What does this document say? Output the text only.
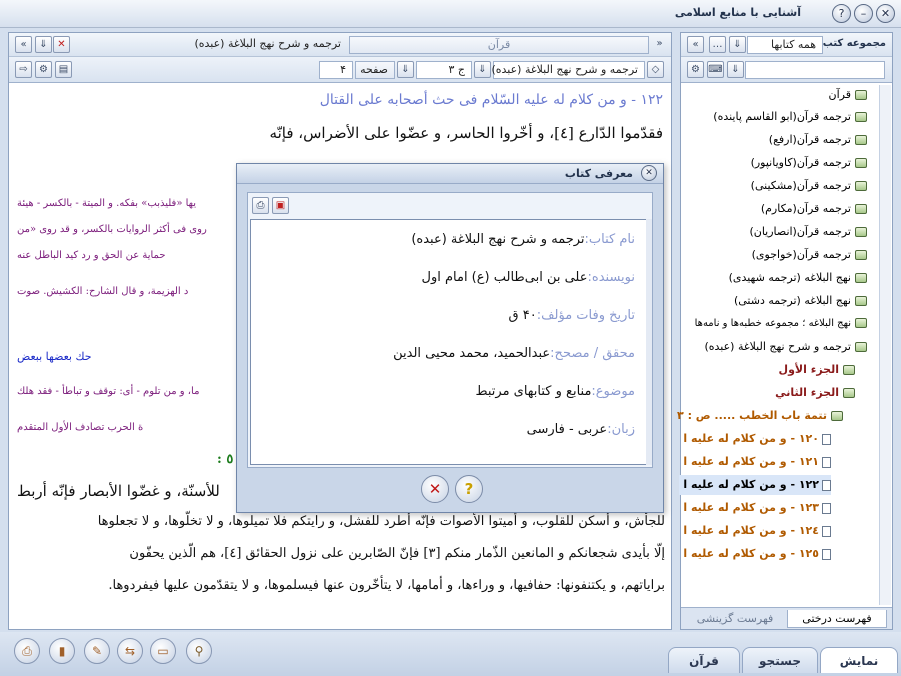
✕
–
?
آشنایی با منابع اسلامی
«	⇓ ✕	ترجمه و شرح نهج البلاغة (عبده)	قرآن	»
⇨	⚙	▤	۴	صفحه	⇓	ج ۳	⇓ ترجمه و شرح نهج البلاغة (عبده)	◇
۱۲۲ - و من كلام له عليه السّلام فى حث أصحابه على القتال
فقدّموا الدّارع [٤]، و أخّروا الحاسر، و عضّوا على الأضراس، فإنّه
يها «فليذبب» بفكه. و الميتة - بالكسر - هيئة
روى فى أكثر الروايات بالكسر، و قد روى «من
حماية عن الحق و رد كيد الباطل عنه
د الهزيمة، و قال الشارح: الكشيش. صوت
حك بعضها ببعض
ما، و من تلوم - أى: توقف و تباطأ - فقد هلك
ة الحرب تصادف الأول المتقدم
٥ :
للأسنّة، و غضّوا الأبصار فإنّه أربط
للجأش، و أسكن للقلوب، و أميتوا الأصوات فإنّه أطرد للفشل، و رايتكم فلا تميلوها، و لا تخلّوها، و لا تجعلوها
إلّا بأيدى شجعانكم و المانعين الذّمار منكم [٣] فإنّ الصّابرين على نزول الحقائق [٤]، هم الّذين يحفّون
براياتهم، و يكتنفونها: حفافيها، و وراءها، و أمامها، لا يتأخّرون عنها فيسلموها، و لا يتقدّمون عليها فيفردوها.
✕
معرفی کتاب
⎙	▣
نام کتاب:ترجمه و شرح نهج البلاغة (عبده)
نویسنده:على بن ابى‌طالب (ع) امام اول
تاریخ وفات مؤلف:۴۰ ق
محقق / مصحح:عبدالحمید، محمد محیی الدین
موضوع:منابع و کتابهای مرتبط
زبان:عربی - فارسی
✕	?
«	…	⇓	همه کتابها مجموعه کتب
⚙ ⌨ ⇓
قرآن
ترجمه قرآن(ابو القاسم پاینده)
ترجمه قرآن(ارفع)
ترجمه قرآن(کاویانپور)
ترجمه قرآن(مشکینی)
ترجمه قرآن(مکارم)
ترجمه قرآن(انصاریان)
ترجمه قرآن(خواجوی)
نهج البلاغه (ترجمه شهیدی)
نهج البلاغه (ترجمه دشتی)
نهج البلاغه ؛ مجموعه خطبه‌ها و نامه‌ها
ترجمه و شرح نهج البلاغة (عبده)
الجزء الأول
الجزء الثاني
تتمة باب الخطب ..... ص : ٣
١٢٠ - و من كلام له عليه ا
١٢١ - و من كلام له عليه ا
١٢٢ - و من كلام له عليه ا
١٢٣ - و من كلام له عليه ا
١٢٤ - و من كلام له عليه ا
١٢٥ - و من كلام له عليه ا
فهرست درختی
فهرست گزینشی
⎙	▮	✎	⇆	▭	⚲
قرآن	جستجو	نمایش
